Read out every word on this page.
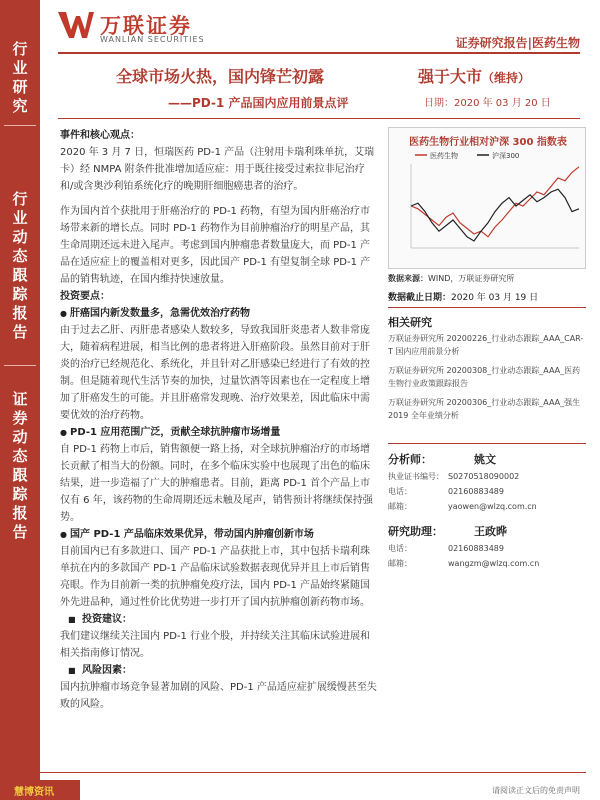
行
业
研
究
行
业
动
态
跟
踪
报
告
证
券
动
态
跟
踪
报
告
万联证券
WANLIAN SECURITIES	证券研究报告|医药生物
全球市场火热，国内锋芒初露
——PD-1 产品国内应用前景点评
强于大市（维持）
日期：2020 年 03 月 20 日

事件和核心观点：

2020 年 3 月 7 日，恒瑞医药 PD-1 产品（注射用卡瑞利珠单抗，艾瑞卡）经 NMPA 附条件批准增加适应症：用于既往接受过索拉非尼治疗和/或含奥沙利铂系统化疗的晚期肝细胞癌患者的治疗。

作为国内首个获批用于肝癌治疗的 PD-1 药物，有望为国内肝癌治疗市场带来新的增长点。同时 PD-1 药物作为目前肿瘤治疗的明星产品，其生命周期还远未进入尾声。考虑到国内肿瘤患者数量庞大，而 PD-1 产品在适应症上的覆盖相对更多，因此国产 PD-1 有望复制全球 PD-1 产品的销售轨迹，在国内维持快速放量。

投资要点：

● 肝癌国内新发数量多，急需优效治疗药物

由于过去乙肝、丙肝患者感染人数较多，导致我国肝炎患者人数非常庞大，随着病程进展，相当比例的患者将进入肝癌阶段。虽然目前对于肝炎的治疗已经规范化、系统化，并且针对乙肝感染已经进行了有效的控制。但是随着现代生活节奏的加快，过量饮酒等因素也在一定程度上增加了肝癌发生的可能。并且肝癌常发现晚、治疗效果差，因此临床中需要优效的治疗药物。

● PD-1 应用范围广泛，贡献全球抗肿瘤市场增量

自 PD-1 药物上市后，销售额便一路上扬，对全球抗肿瘤治疗的市场增长贡献了相当大的份额。同时，在多个临床实验中也展现了出色的临床结果，进一步造福了广大的肿瘤患者。目前，距离 PD-1 首个产品上市仅有 6 年，该药物的生命周期还远未触及尾声，销售预计将继续保持强势。

● 国产 PD-1 产品临床效果优异，带动国内肿瘤创新市场

目前国内已有多款进口、国产 PD-1 产品获批上市，其中包括卡瑞利珠单抗在内的多款国产 PD-1 产品临床试验数据表现优异并且上市后销售亮眼。作为目前新一类的抗肿瘤免疫疗法，国内 PD-1 产品始终紧随国外先进品种，通过性价比优势进一步打开了国内抗肿瘤创新药物市场。

■ 投资建议：

我们建议继续关注国内 PD-1 行业个股，并持续关注其临床试验进展和相关指南修订情况。

■ 风险因素：

国内抗肿瘤市场竞争显著加剧的风险、PD-1 产品适应症扩展缓慢甚至失败的风险。

医药生物行业相对沪深 300 指数表
医药生物	沪深300
数据来源：WIND，万联证券研究所
数据截止日期：2020 年 03 月 19 日
相关研究
万联证券研究所 20200226_行业动态跟踪_AAA_CAR-T 国内应用前景分析
万联证券研究所 20200308_行业动态跟踪_AAA_医药生物行业政策跟踪报告
万联证券研究所 20200306_行业动态跟踪_AAA_强生 2019 全年业绩分析
分析师：	姚文
执业证书编号： S0270518090002
电话：	02160883489
邮箱：	yaowen@wlzq.com.cn
研究助理：	王政晔
电话：	02160883489
邮箱：	wangzm@wlzq.com.cn
慧博资讯	请阅读正文后的免责声明
